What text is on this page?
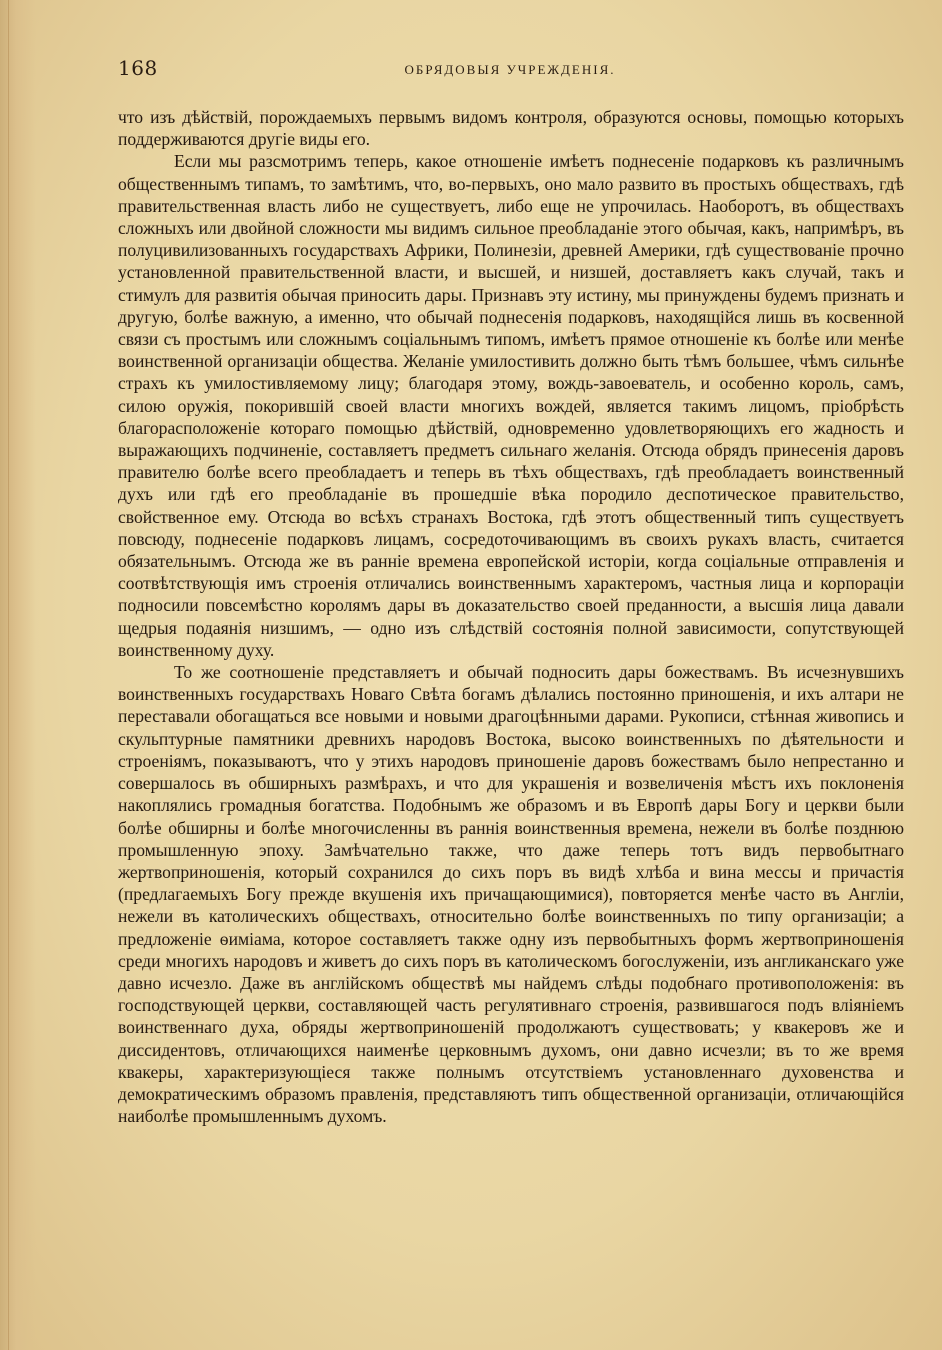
168	ОБРЯДОВЫЯ УЧРЕЖДЕНІЯ.

что изъ дѣйствій, порождаемыхъ первымъ видомъ контроля, образуются основы, помощью которыхъ поддерживаются другіе виды его.

Если мы разсмотримъ теперь, какое отношеніе имѣетъ поднесеніе подарковъ къ различнымъ общественнымъ типамъ, то замѣтимъ, что, во-первыхъ, оно мало развито въ простыхъ обществахъ, гдѣ правительственная власть либо не существуетъ, либо еще не упрочилась. Наоборотъ, въ обществахъ сложныхъ или двойной сложности мы видимъ сильное преобладаніе этого обычая, какъ, напримѣръ, въ полуцивилизованныхъ государствахъ Африки, Полинезіи, древней Америки, гдѣ существованіе прочно установленной правительственной власти, и высшей, и низшей, доставляетъ какъ случай, такъ и стимулъ для развитія обычая приносить дары. Признавъ эту истину, мы принуждены будемъ признать и другую, болѣе важную, а именно, что обычай поднесенія подарковъ, находящійся лишь въ косвенной связи съ простымъ или сложнымъ соціальнымъ типомъ, имѣетъ прямое отношеніе къ болѣе или менѣе воинственной организаціи общества. Желаніе умилостивить должно быть тѣмъ большее, чѣмъ сильнѣе страхъ къ умилостивляемому лицу; благодаря этому, вождь-завоеватель, и особенно король, самъ, силою оружія, покорившій своей власти многихъ вождей, является такимъ лицомъ, пріобрѣсть благорасположеніе котораго помощью дѣйствій, одновременно удовлетворяющихъ его жадность и выражающихъ подчиненіе, составляетъ предметъ сильнаго желанія. Отсюда обрядъ принесенія даровъ правителю болѣе всего преобладаетъ и теперь въ тѣхъ обществахъ, гдѣ преобладаетъ воинственный духъ или гдѣ его преобладаніе въ прошедшіе вѣка породило деспотическое правительство, свойственное ему. Отсюда во всѣхъ странахъ Востока, гдѣ этотъ общественный типъ существуетъ повсюду, поднесеніе подарковъ лицамъ, сосредоточивающимъ въ своихъ рукахъ власть, считается обязательнымъ. Отсюда же въ ранніе времена европейской исторіи, когда соціальные отправленія и соотвѣтствующія имъ строенія отличались воинственнымъ характеромъ, частныя лица и корпораціи подносили повсемѣстно королямъ дары въ доказательство своей преданности, а высшія лица давали щедрыя подаянія низшимъ, — одно изъ слѣдствій состоянія полной зависимости, сопутствующей воинственному духу.

То же соотношеніе представляетъ и обычай подносить дары божествамъ. Въ исчезнувшихъ воинственныхъ государствахъ Новаго Свѣта богамъ дѣлались постоянно приношенія, и ихъ алтари не переставали обогащаться все новыми и новыми драгоцѣнными дарами. Рукописи, стѣнная живопись и скульптурные памятники древнихъ народовъ Востока, высоко воинственныхъ по дѣятельности и строеніямъ, показываютъ, что у этихъ народовъ приношеніе даровъ божествамъ было непрестанно и совершалось въ обширныхъ размѣрахъ, и что для украшенія и возвеличенія мѣстъ ихъ поклоненія накоплялись громадныя богатства. Подобнымъ же образомъ и въ Европѣ дары Богу и церкви были болѣе обширны и болѣе многочисленны въ раннія воинственныя времена, нежели въ болѣе позднюю промышленную эпоху. Замѣчательно также, что даже теперь тотъ видъ первобытнаго жертвоприношенія, который сохранился до сихъ поръ въ видѣ хлѣба и вина мессы и причастія (предлагаемыхъ Богу прежде вкушенія ихъ причащающимися), повторяется менѣе часто въ Англіи, нежели въ католическихъ обществахъ, относительно болѣе воинственныхъ по типу организаціи; а предложеніе ѳиміама, которое составляетъ также одну изъ первобытныхъ формъ жертвоприношенія среди многихъ народовъ и живетъ до сихъ поръ въ католическомъ богослуженіи, изъ англиканскаго уже давно исчезло. Даже въ англійскомъ обществѣ мы найдемъ слѣды подобнаго противоположенія: въ господствующей церкви, составляющей часть регулятивнаго строенія, развившагося подъ вліяніемъ воинственнаго духа, обряды жертвоприношеній продолжаютъ существовать; у квакеровъ же и диссидентовъ, отличающихся наименѣе церковнымъ духомъ, они давно исчезли; въ то же время квакеры, характеризующіеся также полнымъ отсутствіемъ установленнаго духовенства и демократическимъ образомъ правленія, представляютъ типъ общественной организаціи, отличающійся наиболѣе промышленнымъ духомъ.
